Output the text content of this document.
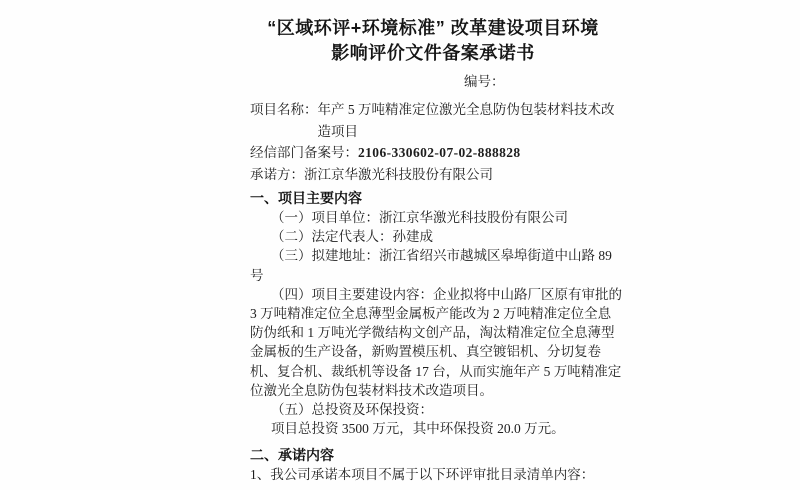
“区域环评+环境标准” 改革建设项目环境
影响评价文件备案承诺书
编号：
项目名称： 年产 5 万吨精准定位激光全息防伪包装材料技术改造项目
经信部门备案号： 2106-330602-07-02-888828
承诺方： 浙江京华激光科技股份有限公司
一、项目主要内容

（一）项目单位：浙江京华激光科技股份有限公司

（二）法定代表人：孙建成

（三）拟建地址：浙江省绍兴市越城区皋埠街道中山路 89 号

（四）项目主要建设内容：企业拟将中山路厂区原有审批的 3 万吨精准定位全息薄型金属板产能改为 2 万吨精准定位全息防伪纸和 1 万吨光学微结构文创产品，淘汰精准定位全息薄型金属板的生产设备，新购置模压机、真空镀铝机、分切复卷机、复合机、裁纸机等设备 17 台，从而实施年产 5 万吨精准定位激光全息防伪包装材料技术改造项目。

（五）总投资及环保投资：

项目总投资 3500 万元，其中环保投资 20.0 万元。

二、承诺内容

1、我公司承诺本项目不属于以下环评审批目录清单内容：
